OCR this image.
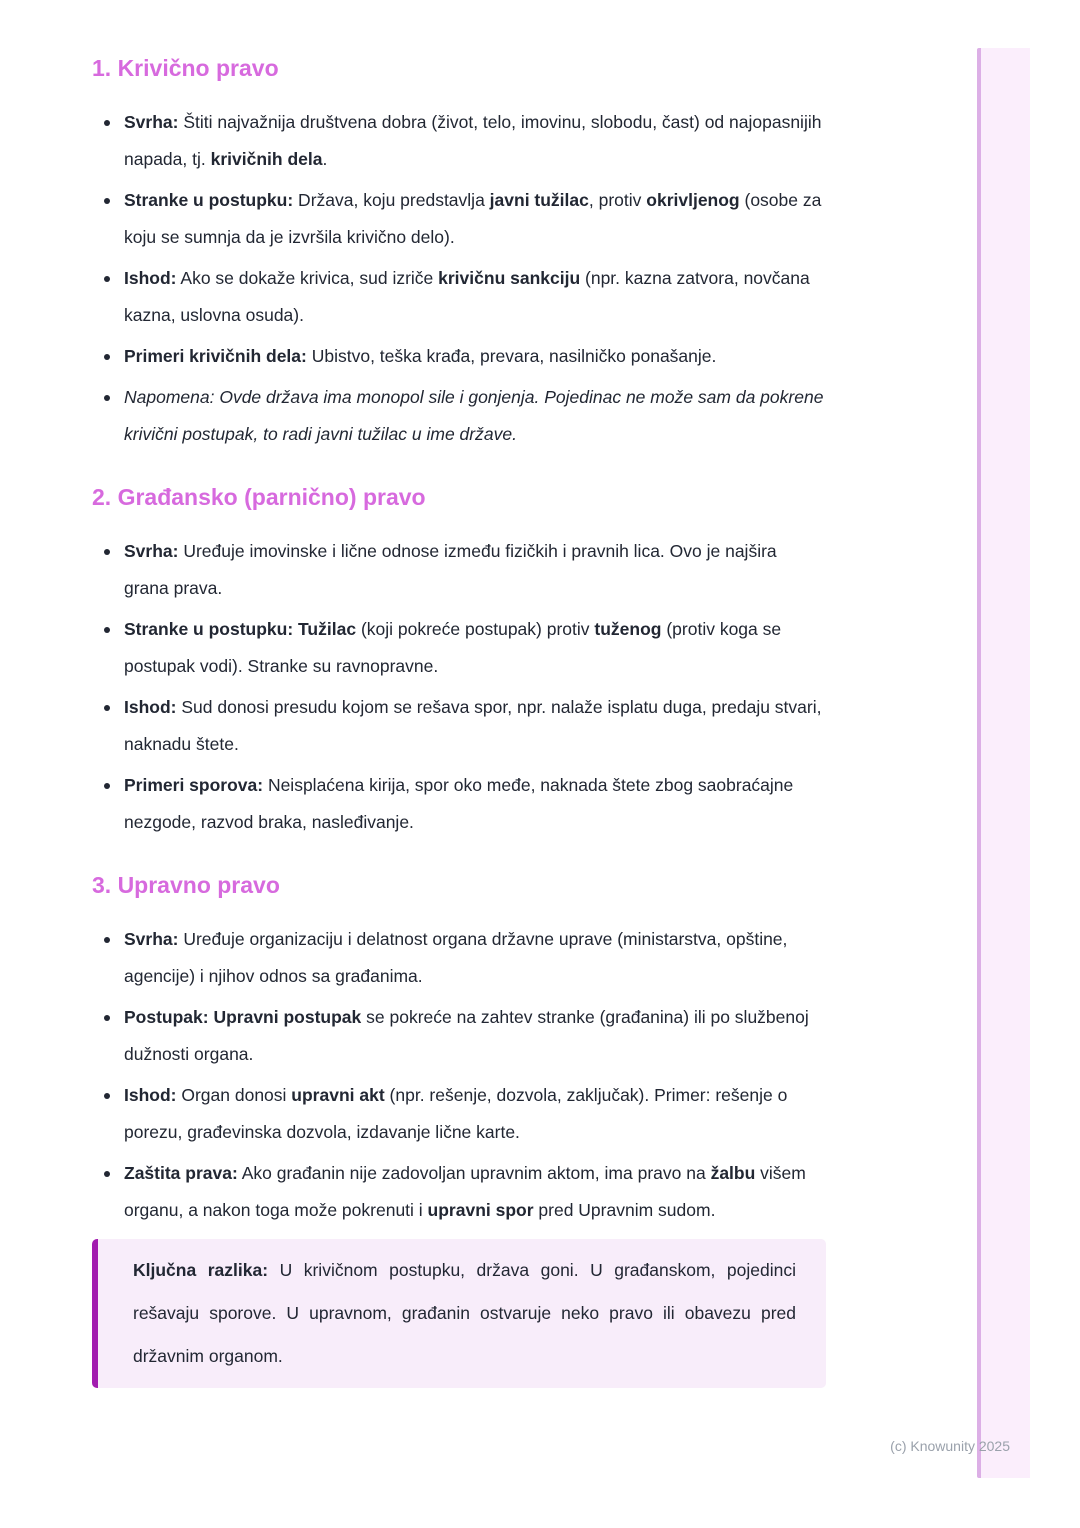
1. Krivično pravo
Svrha: Štiti najvažnija društvena dobra (život, telo, imovinu, slobodu, čast) od najopasnijih napada, tj. krivičnih dela.
Stranke u postupku: Država, koju predstavlja javni tužilac, protiv okrivljenog (osobe za koju se sumnja da je izvršila krivično delo).
Ishod: Ako se dokaže krivica, sud izriče krivičnu sankciju (npr. kazna zatvora, novčana kazna, uslovna osuda).
Primeri krivičnih dela: Ubistvo, teška krađa, prevara, nasilničko ponašanje.
Napomena: Ovde država ima monopol sile i gonjenja. Pojedinac ne može sam da pokrene krivični postupak, to radi javni tužilac u ime države.
2. Građansko (parnično) pravo
Svrha: Uređuje imovinske i lične odnose između fizičkih i pravnih lica. Ovo je najšira grana prava.
Stranke u postupku: Tužilac (koji pokreće postupak) protiv tuženog (protiv koga se postupak vodi). Stranke su ravnopravne.
Ishod: Sud donosi presudu kojom se rešava spor, npr. nalaže isplatu duga, predaju stvari, naknadu štete.
Primeri sporova: Neisplaćena kirija, spor oko međe, naknada štete zbog saobraćajne nezgode, razvod braka, nasleđivanje.
3. Upravno pravo
Svrha: Uređuje organizaciju i delatnost organa državne uprave (ministarstva, opštine, agencije) i njihov odnos sa građanima.
Postupak: Upravni postupak se pokreće na zahtev stranke (građanina) ili po službenoj dužnosti organa.
Ishod: Organ donosi upravni akt (npr. rešenje, dozvola, zaključak). Primer: rešenje o porezu, građevinska dozvola, izdavanje lične karte.
Zaštita prava: Ako građanin nije zadovoljan upravnim aktom, ima pravo na žalbu višem organu, a nakon toga može pokrenuti i upravni spor pred Upravnim sudom.

Ključna razlika: U krivičnom postupku, država goni. U građanskom, pojedinci rešavaju sporove. U upravnom, građanin ostvaruje neko pravo ili obavezu pred državnim organom.

(c) Knowunity 2025
